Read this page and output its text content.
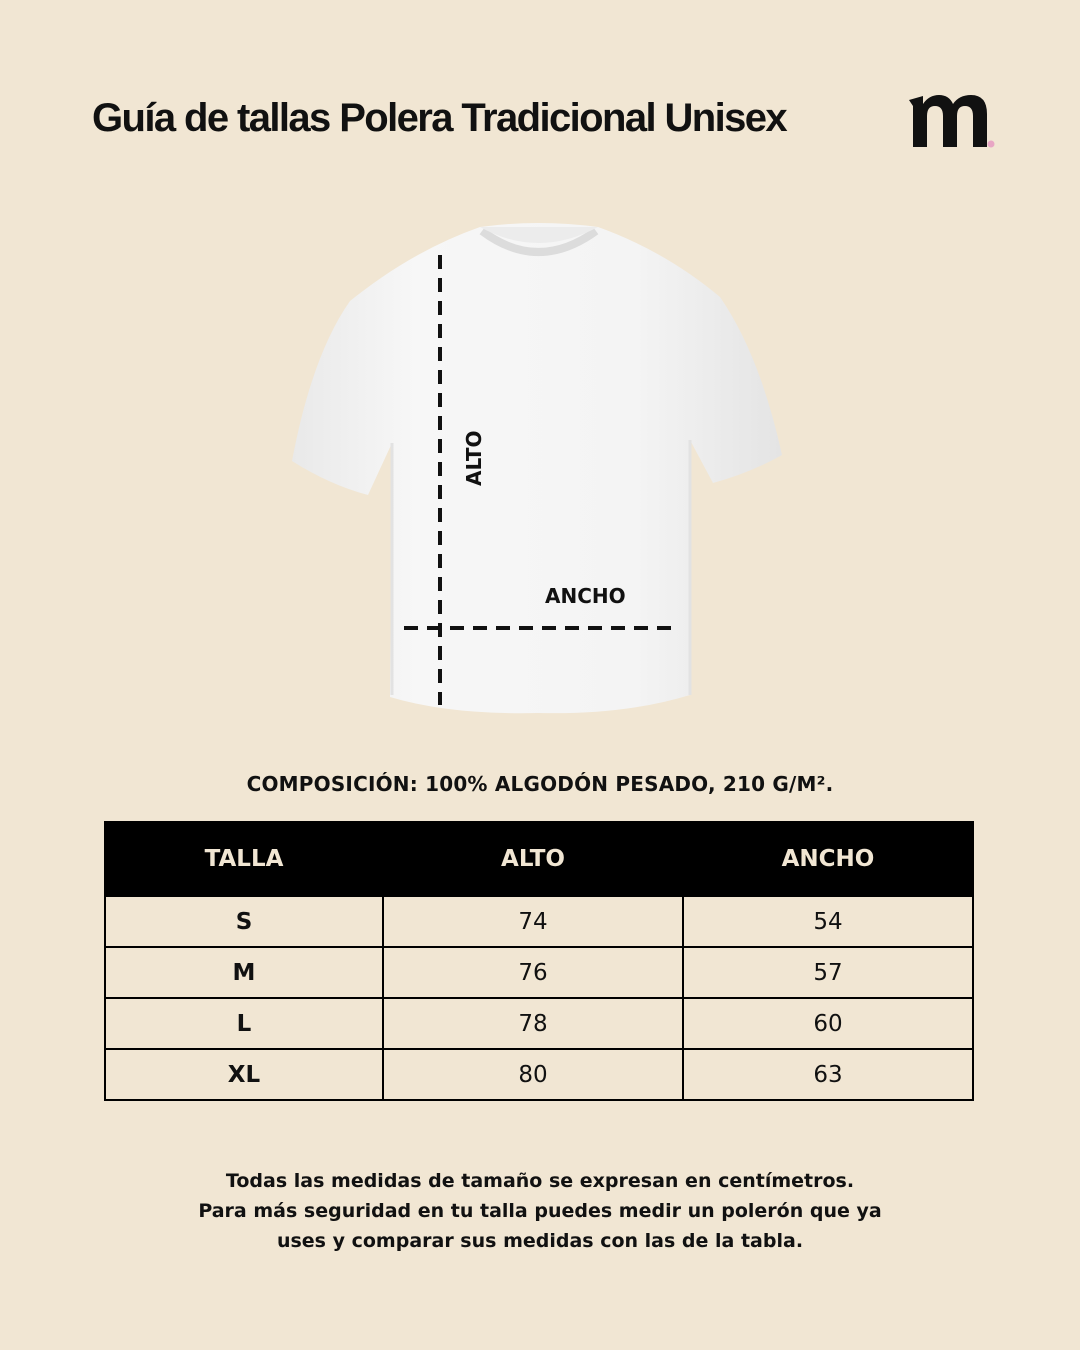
Guía de tallas Polera Tradicional Unisex
ALTO
ANCHO
COMPOSICIÓN: 100% ALGODÓN PESADO, 210 G/M².
TALLA	ALTO	ANCHO
S	74	54
M	76	57
L	78	60
XL	80	63
Todas las medidas de tamaño se expresan en centímetros.
Para más seguridad en tu talla puedes medir un polerón que ya
uses y comparar sus medidas con las de la tabla.
